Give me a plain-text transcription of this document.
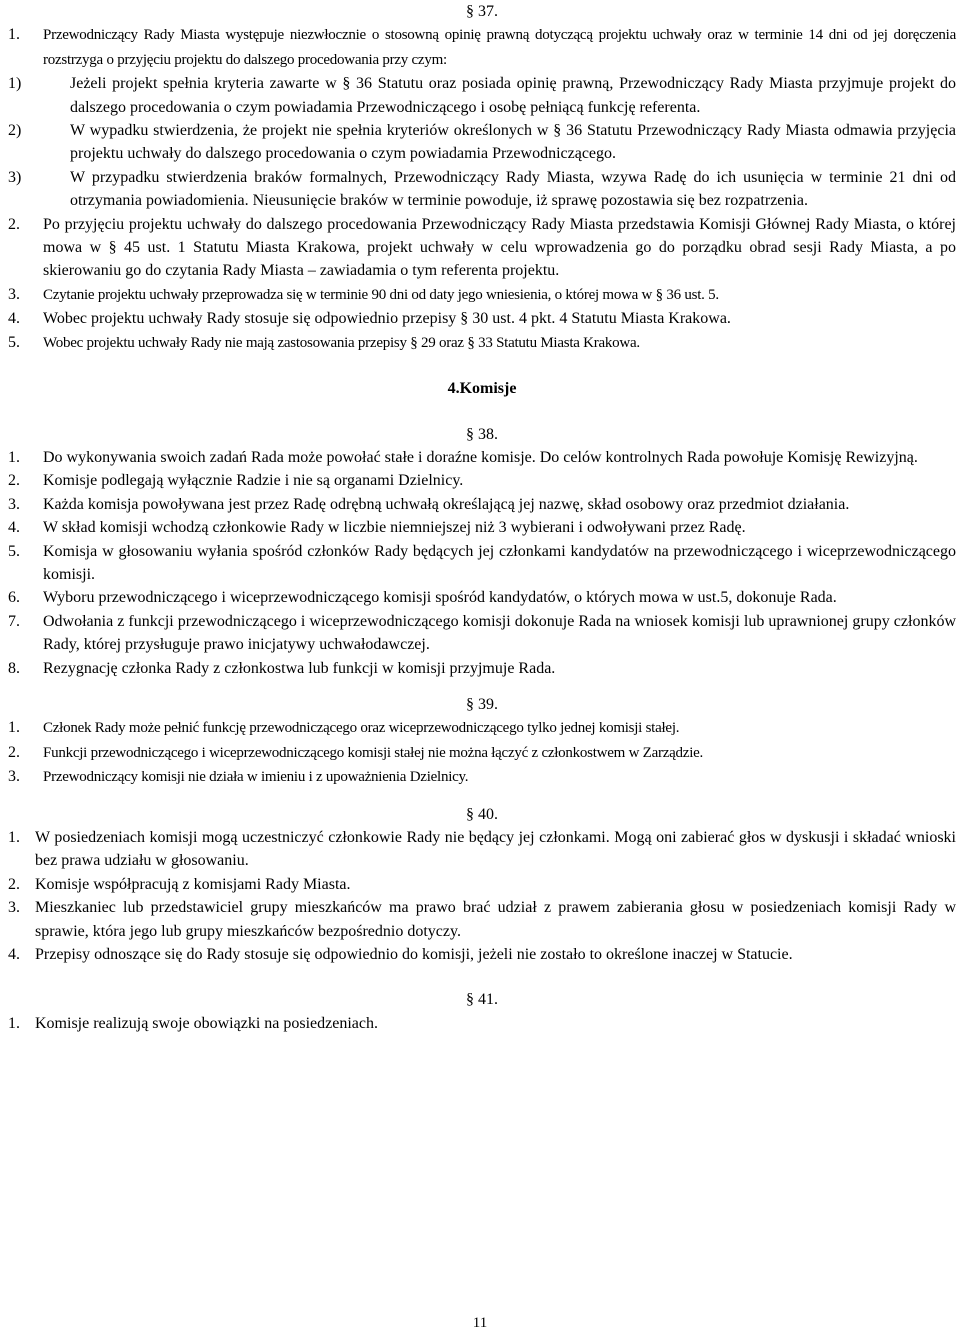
§ 37.

1. Przewodniczący Rady Miasta występuje niezwłocznie o stosowną opinię prawną dotyczącą projektu uchwały oraz w terminie 14 dni od jej doręczenia rozstrzyga o przyjęciu projektu do dalszego procedowania przy czym:
1)	Jeżeli projekt spełnia kryteria zawarte w § 36 Statutu oraz posiada opinię prawną, Przewodniczący Rady Miasta przyjmuje projekt do dalszego procedowania o czym powiadamia Przewodniczącego i osobę pełniącą funkcję referenta.
2)	W wypadku stwierdzenia, że projekt nie spełnia kryteriów określonych w § 36 Statutu Przewodniczący Rady Miasta odmawia przyjęcia projektu uchwały do dalszego procedowania o czym powiadamia Przewodniczącego.
3)	W przypadku stwierdzenia braków formalnych, Przewodniczący Rady Miasta, wzywa Radę do ich usunięcia w terminie 21 dni od otrzymania powiadomienia. Nieusunięcie braków w terminie powoduje, iż sprawę pozostawia się bez rozpatrzenia.
2. Po przyjęciu projektu uchwały do dalszego procedowania Przewodniczący Rady Miasta przedstawia Komisji Głównej Rady Miasta, o której mowa w § 45 ust. 1 Statutu Miasta Krakowa, projekt uchwały w celu wprowadzenia go do porządku obrad sesji Rady Miasta, a po skierowaniu go do czytania Rady Miasta – zawiadamia o tym referenta projektu.
3. Czytanie projektu uchwały przeprowadza się w terminie 90 dni od daty jego wniesienia, o której mowa w § 36 ust. 5.
4. Wobec projektu uchwały Rady stosuje się odpowiednio przepisy § 30 ust. 4 pkt. 4 Statutu Miasta Krakowa.
5. Wobec projektu uchwały Rady nie mają zastosowania przepisy § 29 oraz § 33 Statutu Miasta Krakowa.

4.Komisje

§ 38.

1. Do wykonywania swoich zadań Rada może powołać stałe i doraźne komisje. Do celów kontrolnych Rada powołuje Komisję Rewizyjną.
2. Komisje podlegają wyłącznie Radzie i nie są organami Dzielnicy.
3. Każda komisja powoływana jest przez Radę odrębną uchwałą określającą jej nazwę, skład osobowy oraz przedmiot działania.
4. W skład komisji wchodzą członkowie Rady w liczbie niemniejszej niż 3 wybierani i odwoływani przez Radę.
5. Komisja w głosowaniu wyłania spośród członków Rady będących jej członkami kandydatów na przewodniczącego i wiceprzewodniczącego komisji.
6. Wyboru przewodniczącego i wiceprzewodniczącego komisji spośród kandydatów, o których mowa w ust.5, dokonuje Rada.
7. Odwołania z funkcji przewodniczącego i wiceprzewodniczącego komisji dokonuje Rada na wniosek komisji lub uprawnionej grupy członków Rady, której przysługuje prawo inicjatywy uchwałodawczej.
8. Rezygnację członka Rady z członkostwa lub funkcji w komisji przyjmuje Rada.

§ 39.

1. Członek Rady może pełnić funkcję przewodniczącego oraz wiceprzewodniczącego tylko jednej komisji stałej.
2. Funkcji przewodniczącego i wiceprzewodniczącego komisji stałej nie można łączyć z członkostwem w Zarządzie.
3. Przewodniczący komisji nie działa w imieniu i z upoważnienia Dzielnicy.

§ 40.

1. W posiedzeniach komisji mogą uczestniczyć członkowie Rady nie będący jej członkami. Mogą oni zabierać głos w dyskusji i składać wnioski bez prawa udziału w głosowaniu.
2. Komisje współpracują z komisjami Rady Miasta.
3. Mieszkaniec lub przedstawiciel grupy mieszkańców ma prawo brać udział z prawem zabierania głosu w posiedzeniach komisji Rady w sprawie, która jego lub grupy mieszkańców bezpośrednio dotyczy.
4. Przepisy odnoszące się do Rady stosuje się odpowiednio do komisji, jeżeli nie zostało to określone inaczej w Statucie.

§ 41.

1. Komisje realizują swoje obowiązki na posiedzeniach.
11
